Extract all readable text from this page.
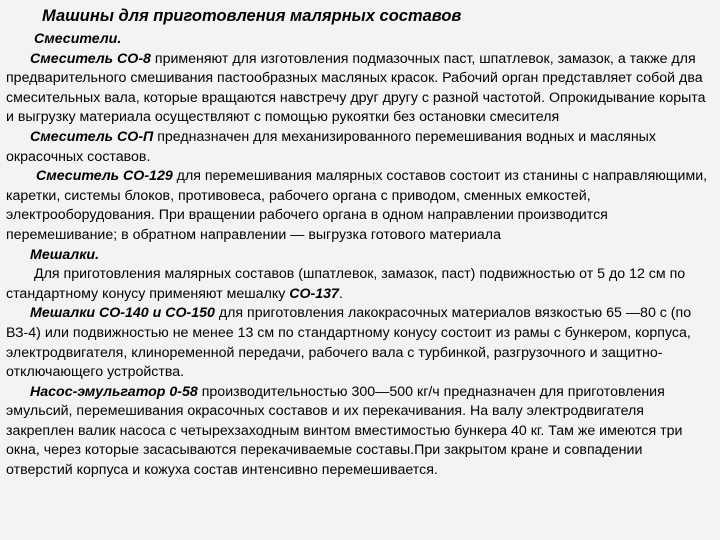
Машины для приготовления малярных составов

Смесители.

Смеситель СО-8 применяют для изготовления подмазочных паст, шпатлевок, замазок, а также для предварительного смешивания пастообразных масляных красок. Рабочий орган представляет собой два смесительных вала, которые вращаются навстречу друг другу с разной частотой. Опрокидывание корыта и выгрузку материала осуществляют с помощью рукоятки без остановки смесителя

Смеситель СО-П предназначен для механизированного перемешивания водных и масляных окрасочных составов.

Смеситель СО-129 для перемешивания малярных составов состоит из станины с направляющими, каретки, системы блоков, противовеса, рабочего органа с приводом, сменных емкостей, электрооборудования. При вращении рабочего органа в одном направлении производится перемешивание; в обратном направлении — выгрузка готового материала

Мешалки.

Для приготовления малярных составов (шпатлевок, замазок, паст) подвижностью от 5 до 12 см по стандартному конусу применяют мешалку СО-137.

Мешалки СО-140 и СО-150 для приготовления лакокрасочных материалов вязкостью 65 —80 с (по ВЗ-4) или подвижностью не менее 13 см по стандартному конусу состоит из рамы с бункером, корпуса, электродвигателя, клиноременной передачи, рабочего вала с турбинкой, разгрузочного и защитно-отключающего устройства.

Насос-эмульгатор 0-58 производительностью 300—500 кг/ч предназначен для приготовления эмульсий, перемешивания окрасочных составов и их перекачивания. На валу электродвигателя закреплен валик насоса с четырехзаходным винтом вместимостью бункера 40 кг. Там же имеются три окна, через которые засасываются перекачиваемые составы.При закрытом кране и совпадении отверстий корпуса и кожуха состав интенсивно перемешивается.
